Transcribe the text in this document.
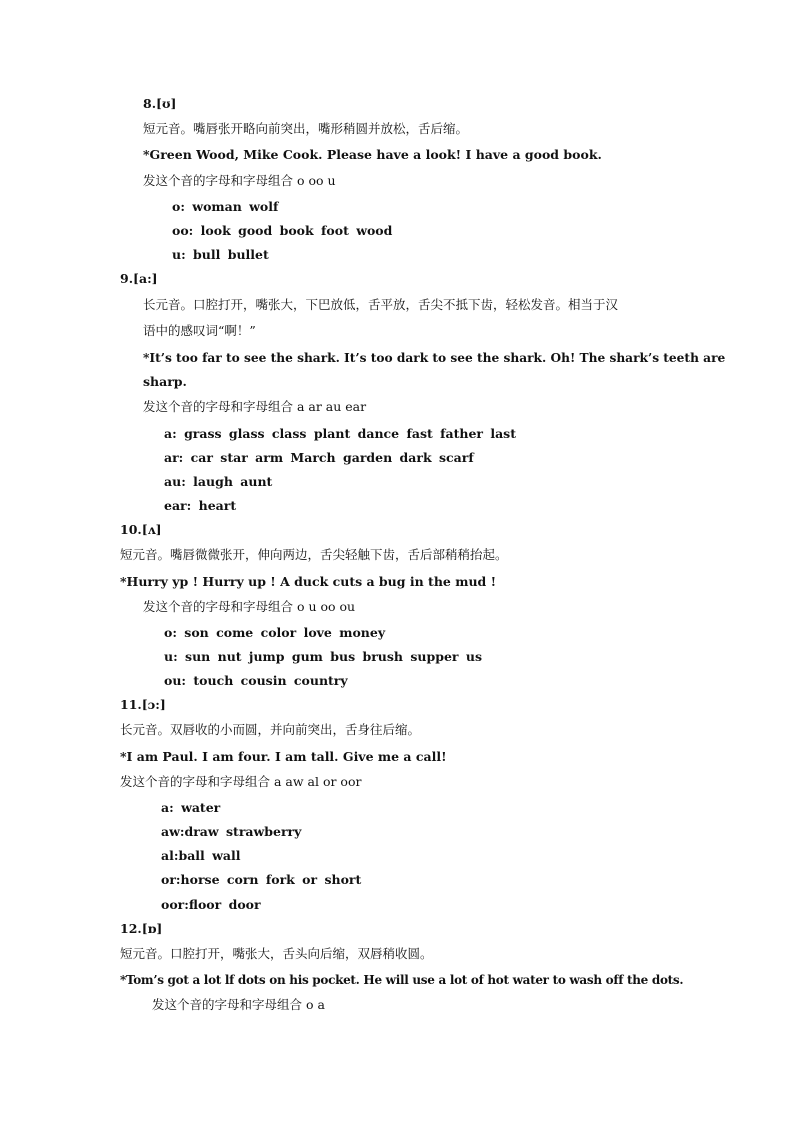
8.[ʊ]
短元音。嘴唇张开略向前突出，嘴形稍圆并放松，舌后缩。
*Green Wood, Mike Cook. Please have a look! I have a good book.
发这个音的字母和字母组合 o oo u
o: woman wolf
oo: look good book foot wood
u: bull bullet
9.[a:]
长元音。口腔打开，嘴张大，下巴放低，舌平放，舌尖不抵下齿，轻松发音。相当于汉
语中的感叹词“啊！”
*It’s too far to see the shark. It’s too dark to see the shark. Oh! The shark’s teeth are
sharp.
发这个音的字母和字母组合 a ar au ear
a: grass glass class plant dance fast father last
ar: car star arm March garden dark scarf
au: laugh aunt
ear: heart
10.[ʌ]
短元音。嘴唇微微张开，伸向两边，舌尖轻触下齿，舌后部稍稍抬起。
*Hurry yp ! Hurry up ! A duck cuts a bug in the mud !
发这个音的字母和字母组合 o u oo ou
o: son come color love money
u: sun nut jump gum bus brush supper us
ou: touch cousin country
11.[ɔ:]
长元音。双唇收的小而圆，并向前突出，舌身往后缩。
*I am Paul. I am four. I am tall. Give me a call!
发这个音的字母和字母组合 a aw al or oor
a: water
aw:draw strawberry
al:ball wall
or:horse corn fork or short
oor:floor door
12.[ɒ]
短元音。口腔打开，嘴张大，舌头向后缩，双唇稍收圆。
*Tom’s got a lot lf dots on his pocket. He will use a lot of hot water to wash off the dots.
发这个音的字母和字母组合 o a
